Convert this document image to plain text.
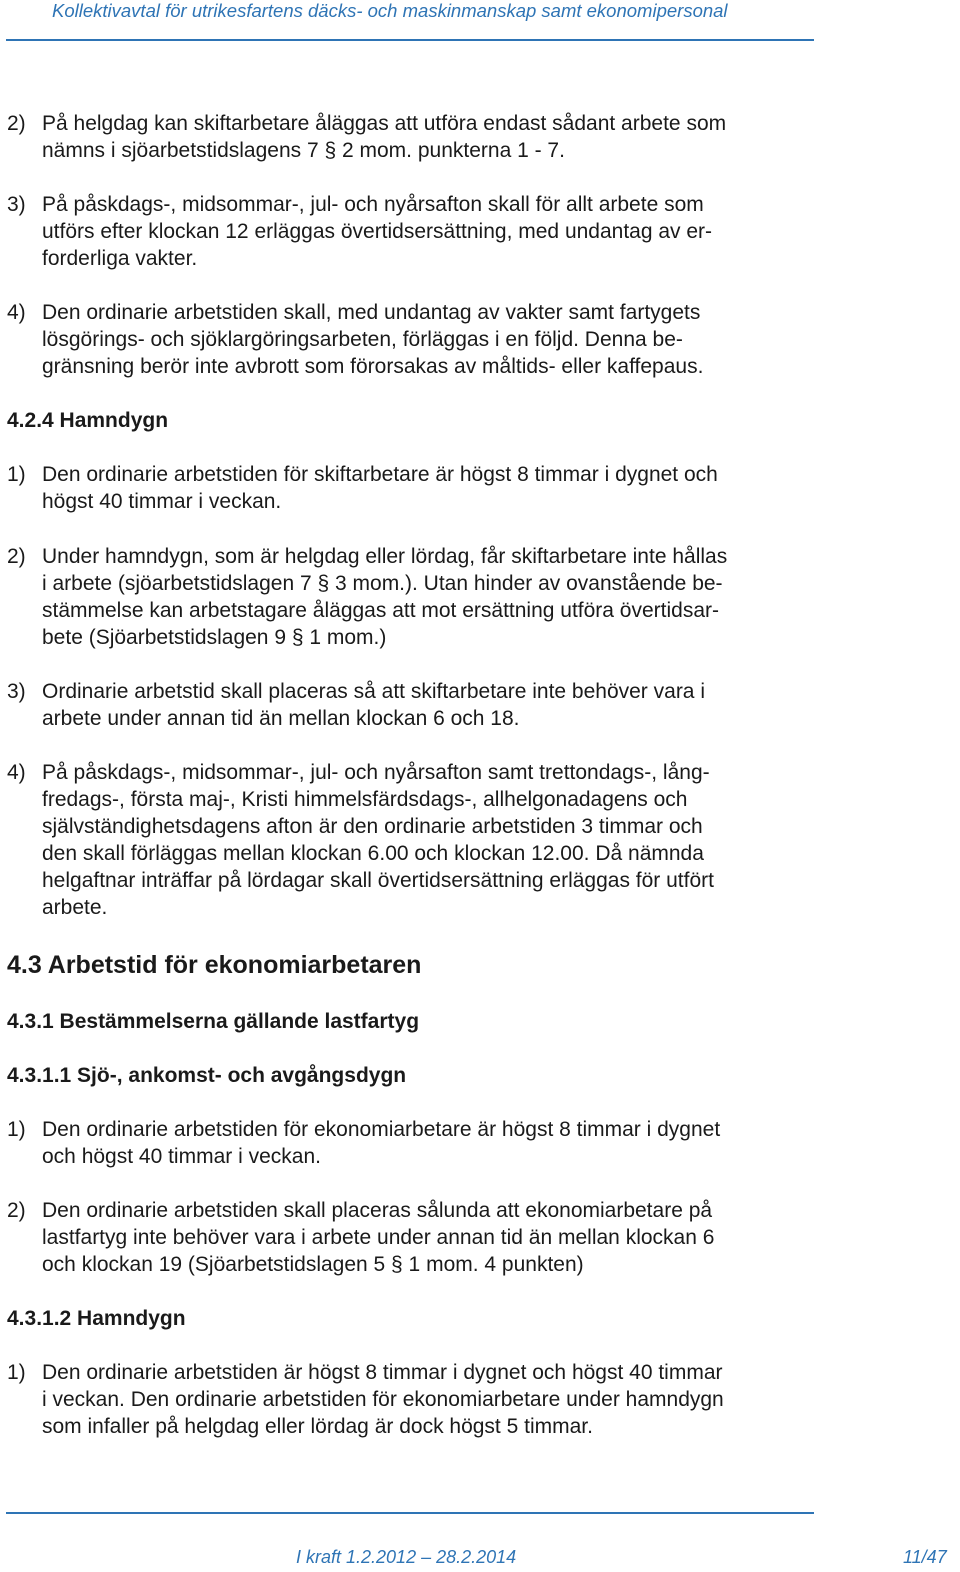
Kollektivavtal för utrikesfartens däcks- och maskinmanskap samt ekonomipersonal
2) På helgdag kan skiftarbetare åläggas att utföra endast sådant arbete som
nämns i sjöarbetstidslagens 7 § 2 mom. punkterna 1 - 7.
3) På påskdags-, midsommar-, jul- och nyårsafton skall för allt arbete som
utförs efter klockan 12 erläggas övertidsersättning, med undantag av er-
forderliga vakter.
4) Den ordinarie arbetstiden skall, med undantag av vakter samt fartygets
lösgörings- och sjöklargöringsarbeten, förläggas i en följd. Denna be-
gränsning berör inte avbrott som förorsakas av måltids- eller kaffepaus.
4.2.4 Hamndygn
1) Den ordinarie arbetstiden för skiftarbetare är högst 8 timmar i dygnet och
högst 40 timmar i veckan.
2) Under hamndygn, som är helgdag eller lördag, får skiftarbetare inte hållas
i arbete (sjöarbetstidslagen 7 § 3 mom.). Utan hinder av ovanstående be-
stämmelse kan arbetstagare åläggas att mot ersättning utföra övertidsar-
bete (Sjöarbetstidslagen 9 § 1 mom.)
3) Ordinarie arbetstid skall placeras så att skiftarbetare inte behöver vara i
arbete under annan tid än mellan klockan 6 och 18.
4) På påskdags-, midsommar-, jul- och nyårsafton samt trettondags-, lång-
fredags-, första maj-, Kristi himmelsfärdsdags-, allhelgonadagens och
självständighetsdagens afton är den ordinarie arbetstiden 3 timmar och
den skall förläggas mellan klockan 6.00 och klockan 12.00. Då nämnda
helgaftnar inträffar på lördagar skall övertidsersättning erläggas för utfört
arbete.
4.3 Arbetstid för ekonomiarbetaren
4.3.1 Bestämmelserna gällande lastfartyg
4.3.1.1 Sjö-, ankomst- och avgångsdygn
1) Den ordinarie arbetstiden för ekonomiarbetare är högst 8 timmar i dygnet
och högst 40 timmar i veckan.
2) Den ordinarie arbetstiden skall placeras sålunda att ekonomiarbetare på
lastfartyg inte behöver vara i arbete under annan tid än mellan klockan 6
och klockan 19 (Sjöarbetstidslagen 5 § 1 mom. 4 punkten)
4.3.1.2 Hamndygn
1) Den ordinarie arbetstiden är högst 8 timmar i dygnet och högst 40 timmar
i veckan. Den ordinarie arbetstiden för ekonomiarbetare under hamndygn
som infaller på helgdag eller lördag är dock högst 5 timmar.
I kraft 1.2.2012 – 28.2.2014	11/47
